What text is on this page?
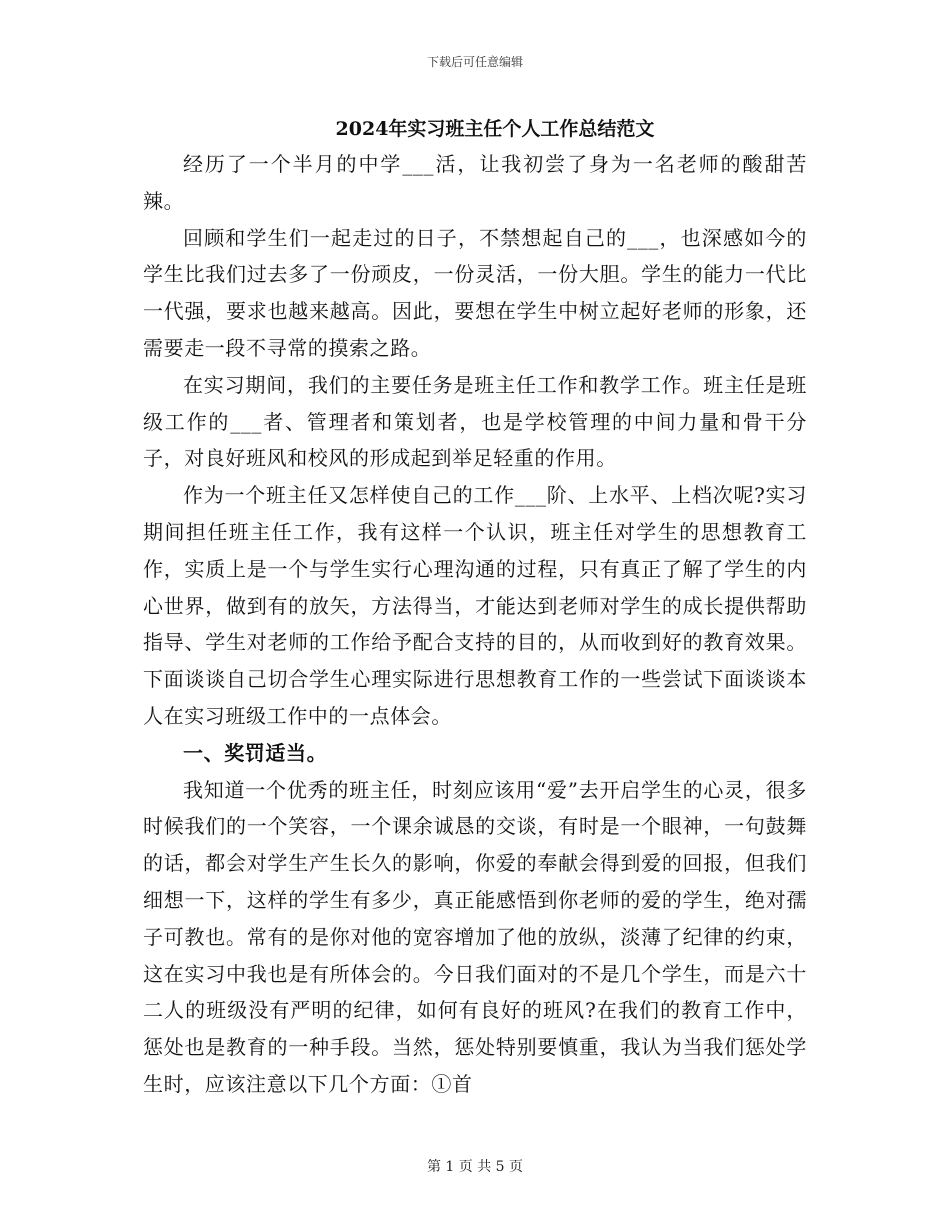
下载后可任意编辑
2024年实习班主任个人工作总结范文

经历了一个半月的中学___活，让我初尝了身为一名老师的酸甜苦辣。

回顾和学生们一起走过的日子，不禁想起自己的___，也深感如今的学生比我们过去多了一份顽皮，一份灵活，一份大胆。学生的能力一代比一代强，要求也越来越高。因此，要想在学生中树立起好老师的形象，还需要走一段不寻常的摸索之路。

在实习期间，我们的主要任务是班主任工作和教学工作。班主任是班级工作的___者、管理者和策划者，也是学校管理的中间力量和骨干分子，对良好班风和校风的形成起到举足轻重的作用。

作为一个班主任又怎样使自己的工作___阶、上水平、上档次呢?实习期间担任班主任工作，我有这样一个认识，班主任对学生的思想教育工作，实质上是一个与学生实行心理沟通的过程，只有真正了解了学生的内心世界，做到有的放矢，方法得当，才能达到老师对学生的成长提供帮助指导、学生对老师的工作给予配合支持的目的，从而收到好的教育效果。下面谈谈自己切合学生心理实际进行思想教育工作的一些尝试下面谈谈本人在实习班级工作中的一点体会。

一、奖罚适当。

我知道一个优秀的班主任，时刻应该用“爱”去开启学生的心灵，很多时候我们的一个笑容，一个课余诚恳的交谈，有时是一个眼神，一句鼓舞的话，都会对学生产生长久的影响，你爱的奉献会得到爱的回报，但我们细想一下，这样的学生有多少，真正能感悟到你老师的爱的学生，绝对孺子可教也。常有的是你对他的宽容增加了他的放纵，淡薄了纪律的约束，这在实习中我也是有所体会的。今日我们面对的不是几个学生，而是六十二人的班级没有严明的纪律，如何有良好的班风?在我们的教育工作中，惩处也是教育的一种手段。当然，惩处特别要慎重，我认为当我们惩处学生时，应该注意以下几个方面：①首

第 1 页 共 5 页
